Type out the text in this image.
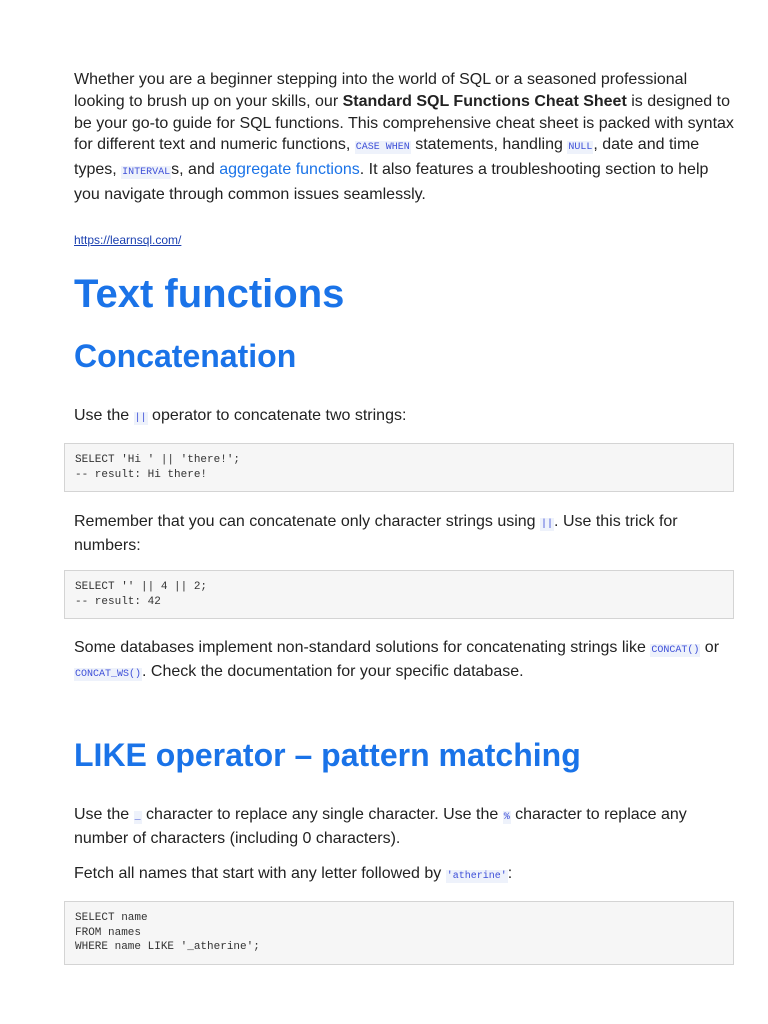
Whether you are a beginner stepping into the world of SQL or a seasoned professional looking to brush up on your skills, our Standard SQL Functions Cheat Sheet is designed to be your go-to guide for SQL functions. This comprehensive cheat sheet is packed with syntax for different text and numeric functions, CASE WHEN statements, handling NULL, date and time types, INTERVALs, and aggregate functions. It also features a troubleshooting section to help you navigate through common issues seamlessly.

https://learnsql.com/
Text functions
Concatenation

Use the || operator to concatenate two strings:

SELECT 'Hi ' || 'there!';
-- result: Hi there!

Remember that you can concatenate only character strings using ||. Use this trick for numbers:

SELECT '' || 4 || 2;
-- result: 42

Some databases implement non-standard solutions for concatenating strings like CONCAT() or CONCAT_WS(). Check the documentation for your specific database.

LIKE operator – pattern matching

Use the _ character to replace any single character. Use the % character to replace any number of characters (including 0 characters).

Fetch all names that start with any letter followed by 'atherine':

SELECT name
FROM names
WHERE name LIKE '_atherine';
